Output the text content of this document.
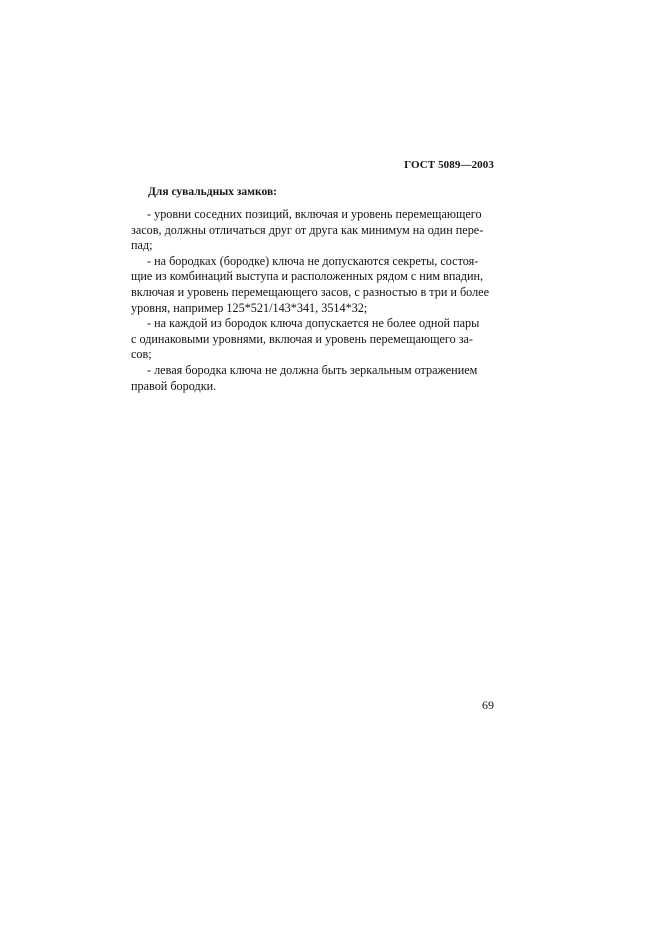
ГОСТ 5089—2003
Для сувальдных замков:
- уровни соседних позиций, включая и уровень перемещающего
засов, должны отличаться друг от друга как минимум на один пере-
пад;
- на бородках (бородке) ключа не допускаются секреты, состоя-
щие из комбинаций выступа и расположенных рядом с ним впадин,
включая и уровень перемещающего засов, с разностью в три и более
уровня, например 125*521/143*341, 3514*32;
- на каждой из бородок ключа допускается не более одной пары
с одинаковыми уровнями, включая и уровень перемещающего за-
сов;
- левая бородка ключа не должна быть зеркальным отражением
правой бородки.
69
